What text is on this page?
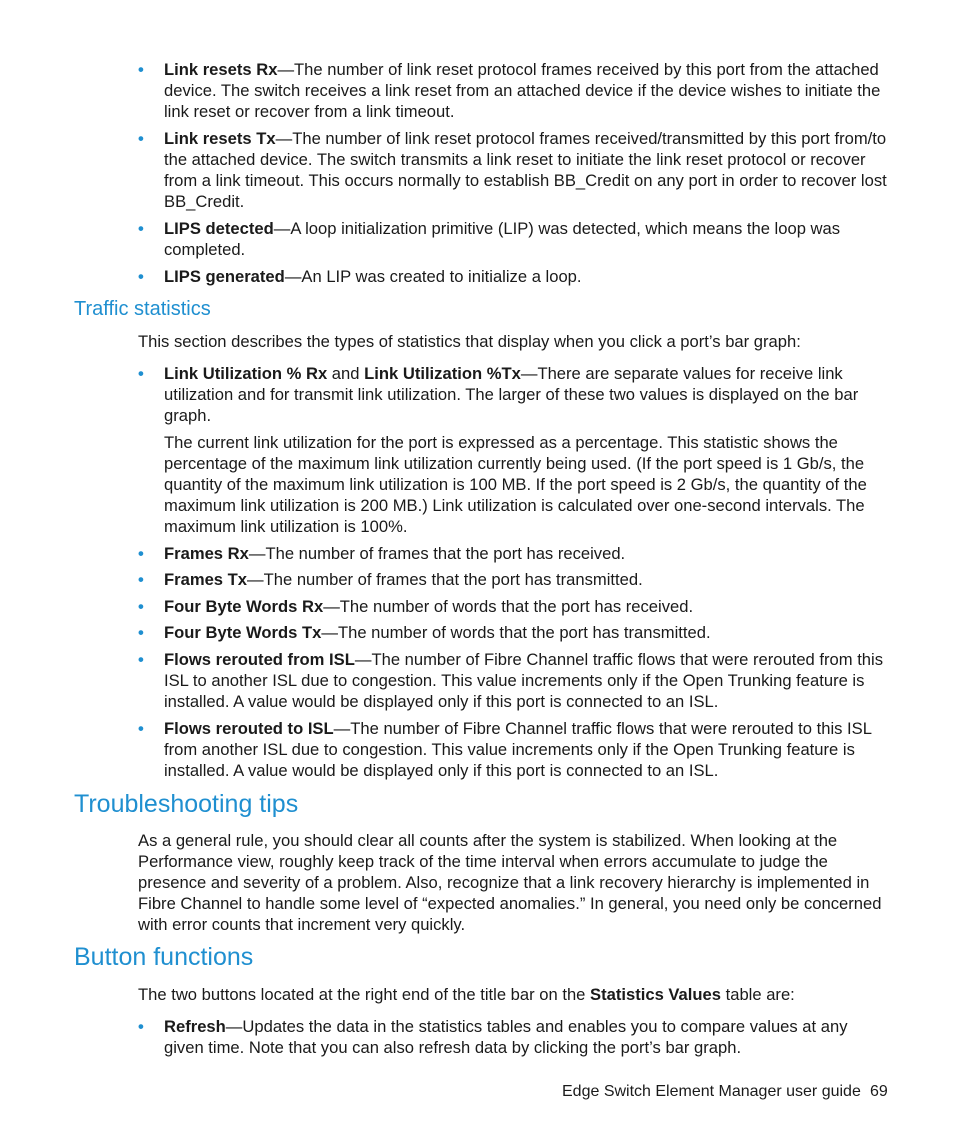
• Link resets Rx—The number of link reset protocol frames received by this port from the attached device. The switch receives a link reset from an attached device if the device wishes to initiate the link reset or recover from a link timeout.
• Link resets Tx—The number of link reset protocol frames received/transmitted by this port from/to the attached device. The switch transmits a link reset to initiate the link reset protocol or recover from a link timeout. This occurs normally to establish BB_Credit on any port in order to recover lost BB_Credit.
• LIPS detected—A loop initialization primitive (LIP) was detected, which means the loop was completed.
• LIPS generated—An LIP was created to initialize a loop.
Traffic statistics
This section describes the types of statistics that display when you click a port’s bar graph:
• Link Utilization % Rx and Link Utilization %Tx—There are separate values for receive link utilization and for transmit link utilization. The larger of these two values is displayed on the bar graph.
The current link utilization for the port is expressed as a percentage. This statistic shows the percentage of the maximum link utilization currently being used. (If the port speed is 1 Gb/s, the quantity of the maximum link utilization is 100 MB. If the port speed is 2 Gb/s, the quantity of the maximum link utilization is 200 MB.) Link utilization is calculated over one-second intervals. The maximum link utilization is 100%.
• Frames Rx—The number of frames that the port has received.
• Frames Tx—The number of frames that the port has transmitted.
• Four Byte Words Rx—The number of words that the port has received.
• Four Byte Words Tx—The number of words that the port has transmitted.
• Flows rerouted from ISL—The number of Fibre Channel traffic flows that were rerouted from this ISL to another ISL due to congestion. This value increments only if the Open Trunking feature is installed. A value would be displayed only if this port is connected to an ISL.
• Flows rerouted to ISL—The number of Fibre Channel traffic flows that were rerouted to this ISL from another ISL due to congestion. This value increments only if the Open Trunking feature is installed. A value would be displayed only if this port is connected to an ISL.
Troubleshooting tips
As a general rule, you should clear all counts after the system is stabilized. When looking at the Performance view, roughly keep track of the time interval when errors accumulate to judge the presence and severity of a problem. Also, recognize that a link recovery hierarchy is implemented in Fibre Channel to handle some level of “expected anomalies.” In general, you need only be concerned with error counts that increment very quickly.
Button functions
The two buttons located at the right end of the title bar on the Statistics Values table are:
• Refresh—Updates the data in the statistics tables and enables you to compare values at any given time. Note that you can also refresh data by clicking the port’s bar graph.
Edge Switch Element Manager user guide 69
